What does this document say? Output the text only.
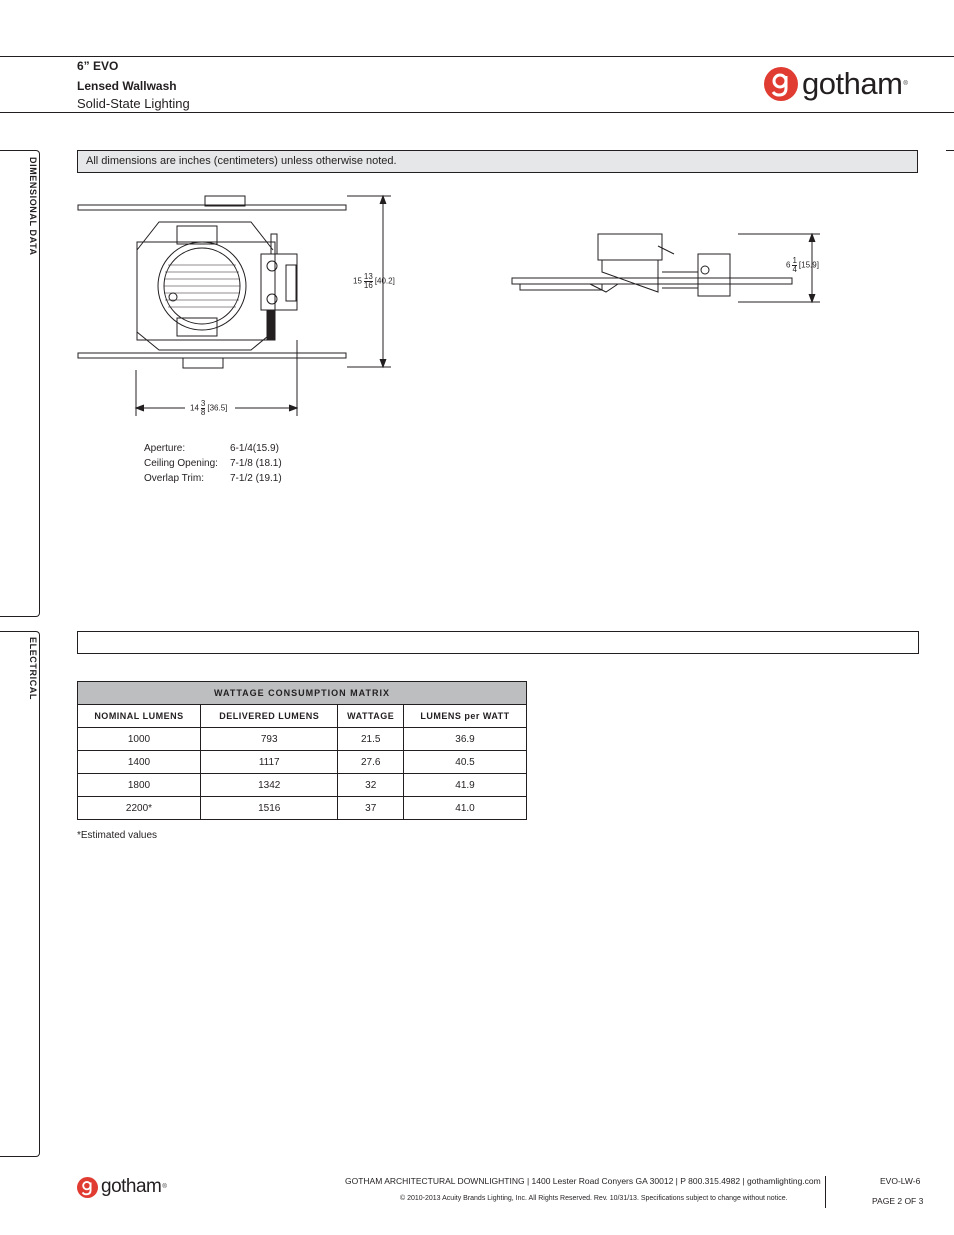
6” EVO
Lensed Wallwash
Solid-State Lighting
gotham ®
DIMENSIONAL DATA
ELECTRICAL
All dimensions are inches (centimeters) unless otherwise noted.
$15 \frac{13}{16} [40.2]$
$14 \frac{3}{8} [36.5]$
$6 \frac{1}{4} [15.9]$
Aperture:	6-1/4(15.9)
Ceiling Opening:	7-1/8 (18.1)
Overlap Trim:	7-1/2 (19.1)
WATTAGE CONSUMPTION MATRIX			
NOMINAL LUMENS	DELIVERED LUMENS	WATTAGE	LUMENS per WATT
1000	793	21.5	36.9
1400	1117	27.6	40.5
1800	1342	32	41.9
2200*	1516	37	41.0
*Estimated values
gotham ®
GOTHAM ARCHITECTURAL DOWNLIGHTING | 1400 Lester Road Conyers GA 30012 | P 800.315.4982 | gothamlighting.com
© 2010-2013 Acuity Brands Lighting, Inc. All Rights Reserved. Rev. 10/31/13. Specifications subject to change without notice.
EVO-LW-6
PAGE 2 OF 3
